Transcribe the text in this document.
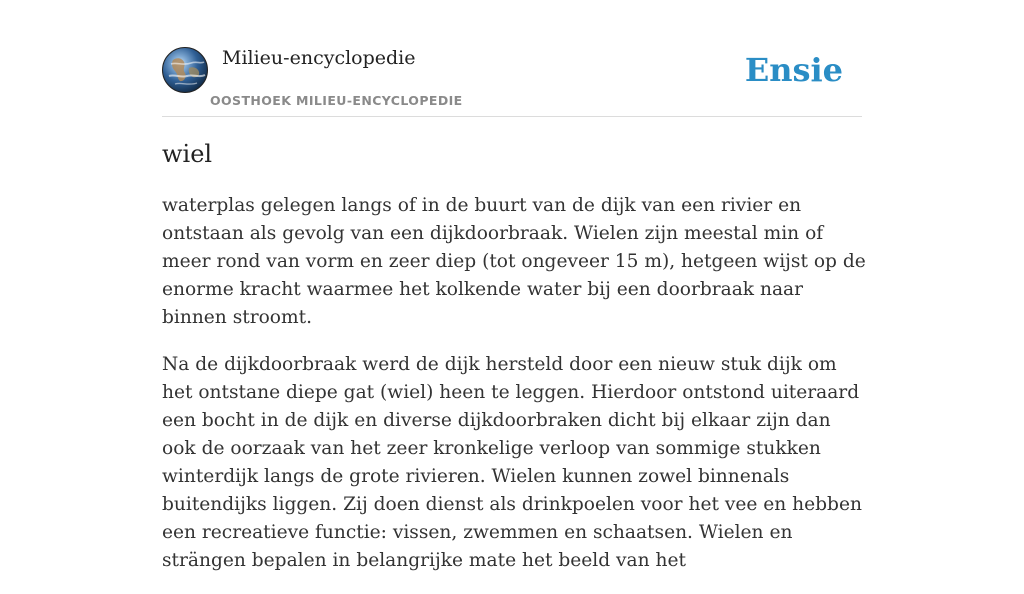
Milieu-encyclopedie
OOSTHOEK MILIEU-ENCYCLOPEDIE
Ensie
wiel

waterplas gelegen langs of in de buurt van de dijk van een rivier en ontstaan als gevolg van een dijkdoorbraak. Wielen zijn meestal min of meer rond van vorm en zeer diep (tot ongeveer 15 m), hetgeen wijst op de enorme kracht waarmee het kolkende water bij een doorbraak naar binnen stroomt.

Na de dijkdoorbraak werd de dijk hersteld door een nieuw stuk dijk om het ontstane diepe gat (wiel) heen te leggen. Hierdoor ontstond uiteraard een bocht in de dijk en diverse dijkdoorbraken dicht bij elkaar zijn dan ook de oorzaak van het zeer kronkelige verloop van sommige stukken winterdijk langs de grote rivieren. Wielen kunnen zowel binnenals buitendijks liggen. Zij doen dienst als drinkpoelen voor het vee en hebben een recreatieve functie: vissen, zwemmen en schaatsen. Wielen en strängen bepalen in belangrijke mate het beeld van het
